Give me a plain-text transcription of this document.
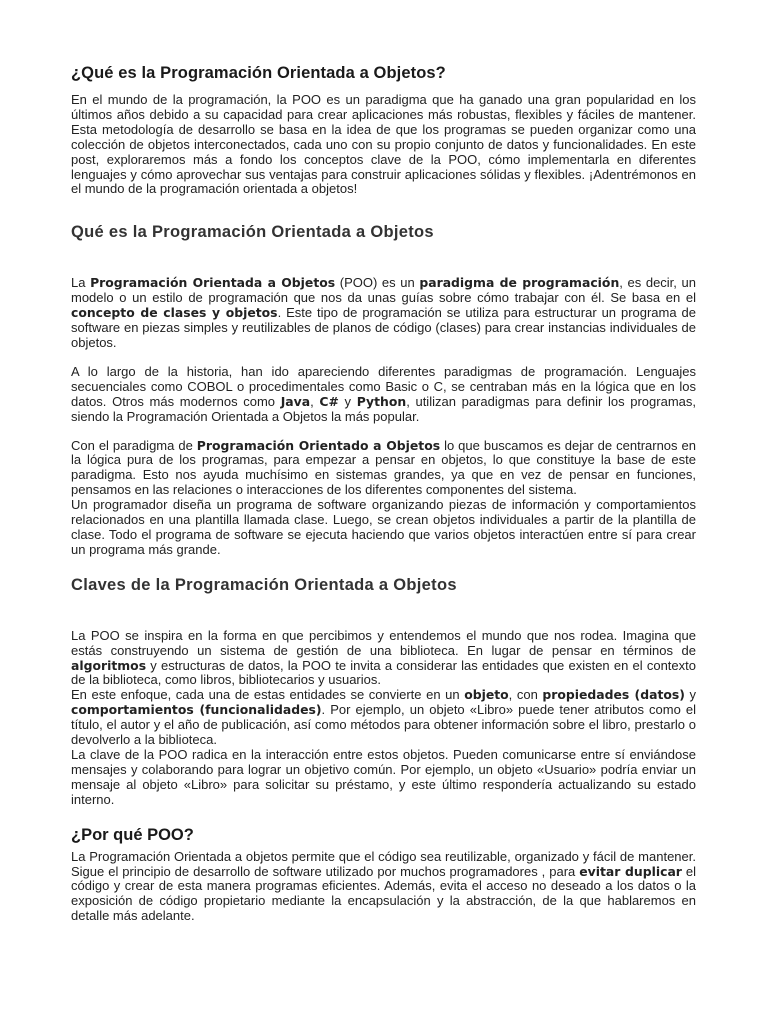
¿Qué es la Programación Orientada a Objetos?

En el mundo de la programación, la POO es un paradigma que ha ganado una gran popularidad en los últimos años debido a su capacidad para crear aplicaciones más robustas, flexibles y fáciles de mantener. Esta metodología de desarrollo se basa en la idea de que los programas se pueden organizar como una colección de objetos interconectados, cada uno con su propio conjunto de datos y funcionalidades. En este post, exploraremos más a fondo los conceptos clave de la POO, cómo implementarla en diferentes lenguajes y cómo aprovechar sus ventajas para construir aplicaciones sólidas y flexibles. ¡Adentrémonos en el mundo de la programación orientada a objetos!

Qué es la Programación Orientada a Objetos

La Programación Orientada a Objetos (POO) es un paradigma de programación, es decir, un modelo o un estilo de programación que nos da unas guías sobre cómo trabajar con él. Se basa en el concepto de clases y objetos. Este tipo de programación se utiliza para estructurar un programa de software en piezas simples y reutilizables de planos de código (clases) para crear instancias individuales de objetos.

A lo largo de la historia, han ido apareciendo diferentes paradigmas de programación. Lenguajes secuenciales como COBOL o procedimentales como Basic o C, se centraban más en la lógica que en los datos. Otros más modernos como Java, C# y Python, utilizan paradigmas para definir los programas, siendo la Programación Orientada a Objetos la más popular.

Con el paradigma de Programación Orientado a Objetos lo que buscamos es dejar de centrarnos en la lógica pura de los programas, para empezar a pensar en objetos, lo que constituye la base de este paradigma. Esto nos ayuda muchísimo en sistemas grandes, ya que en vez de pensar en funciones, pensamos en las relaciones o interacciones de los diferentes componentes del sistema.

Un programador diseña un programa de software organizando piezas de información y comportamientos relacionados en una plantilla llamada clase. Luego, se crean objetos individuales a partir de la plantilla de clase. Todo el programa de software se ejecuta haciendo que varios objetos interactúen entre sí para crear un programa más grande.

Claves de la Programación Orientada a Objetos

La POO se inspira en la forma en que percibimos y entendemos el mundo que nos rodea. Imagina que estás construyendo un sistema de gestión de una biblioteca. En lugar de pensar en términos de algoritmos y estructuras de datos, la POO te invita a considerar las entidades que existen en el contexto de la biblioteca, como libros, bibliotecarios y usuarios.

En este enfoque, cada una de estas entidades se convierte en un objeto, con propiedades (datos) y comportamientos (funcionalidades). Por ejemplo, un objeto «Libro» puede tener atributos como el título, el autor y el año de publicación, así como métodos para obtener información sobre el libro, prestarlo o devolverlo a la biblioteca.

La clave de la POO radica en la interacción entre estos objetos. Pueden comunicarse entre sí enviándose mensajes y colaborando para lograr un objetivo común. Por ejemplo, un objeto «Usuario» podría enviar un mensaje al objeto «Libro» para solicitar su préstamo, y este último respondería actualizando su estado interno.

¿Por qué POO?

La Programación Orientada a objetos permite que el código sea reutilizable, organizado y fácil de mantener. Sigue el principio de desarrollo de software utilizado por muchos programadores , para evitar duplicar el código y crear de esta manera programas eficientes. Además, evita el acceso no deseado a los datos o la exposición de código propietario mediante la encapsulación y la abstracción, de la que hablaremos en detalle más adelante.
